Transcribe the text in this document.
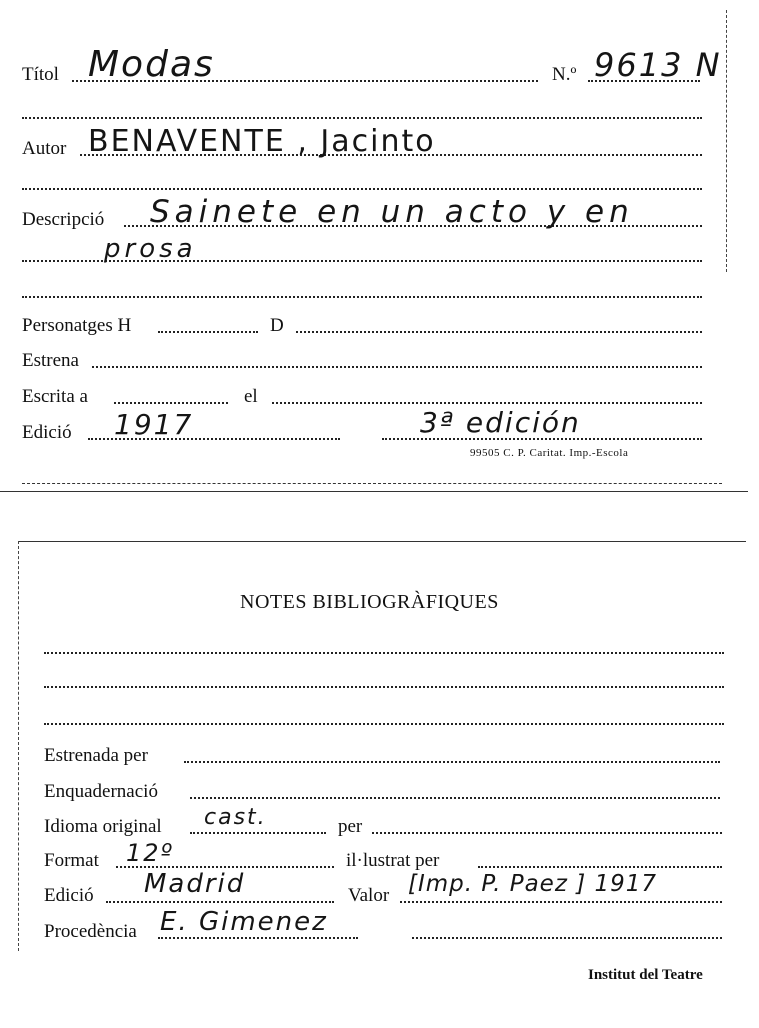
Títol Modas	N.º 9613 N
Autor BENAVENTE , Jacinto
Descripció Sainete en un acto y en
prosa
Personatges H	D
Estrena
Escrita a	el
Edició 1917	3ª edición
99505 C. P. Caritat. Imp.-Escola
NOTES BIBLIOGRÀFIQUES
Estrenada per
Enquadernació
Idioma original cast.	per
Format 12º	il·lustrat per
Edició Madrid	Valor [Imp. P. Paez ] 1917
Procedència E. Gimenez
Institut del Teatre
